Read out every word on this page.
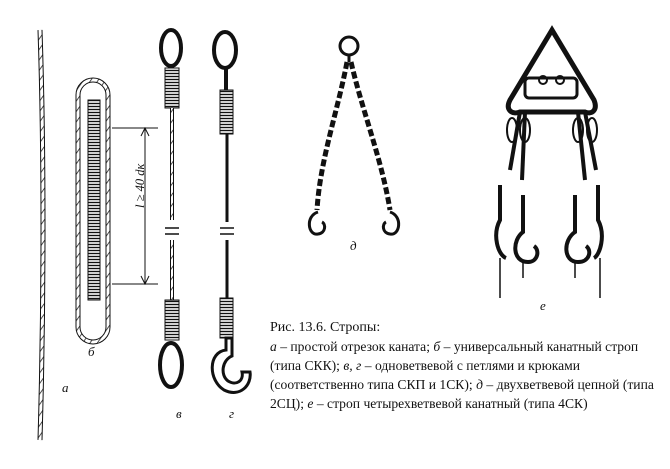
а
б
в	г
д
е
l ≥ 40 dк
Рис. 13.6. Стропы:
а – простой отрезок каната; б – универсальный канатный строп (типа СКК); в, г – одноветвевой с петлями и крюками (соответственно типа СКП и 1СК); д – двухветвевой цепной (типа 2СЦ); е – строп четырехветвевой канатный (типа 4СК)
